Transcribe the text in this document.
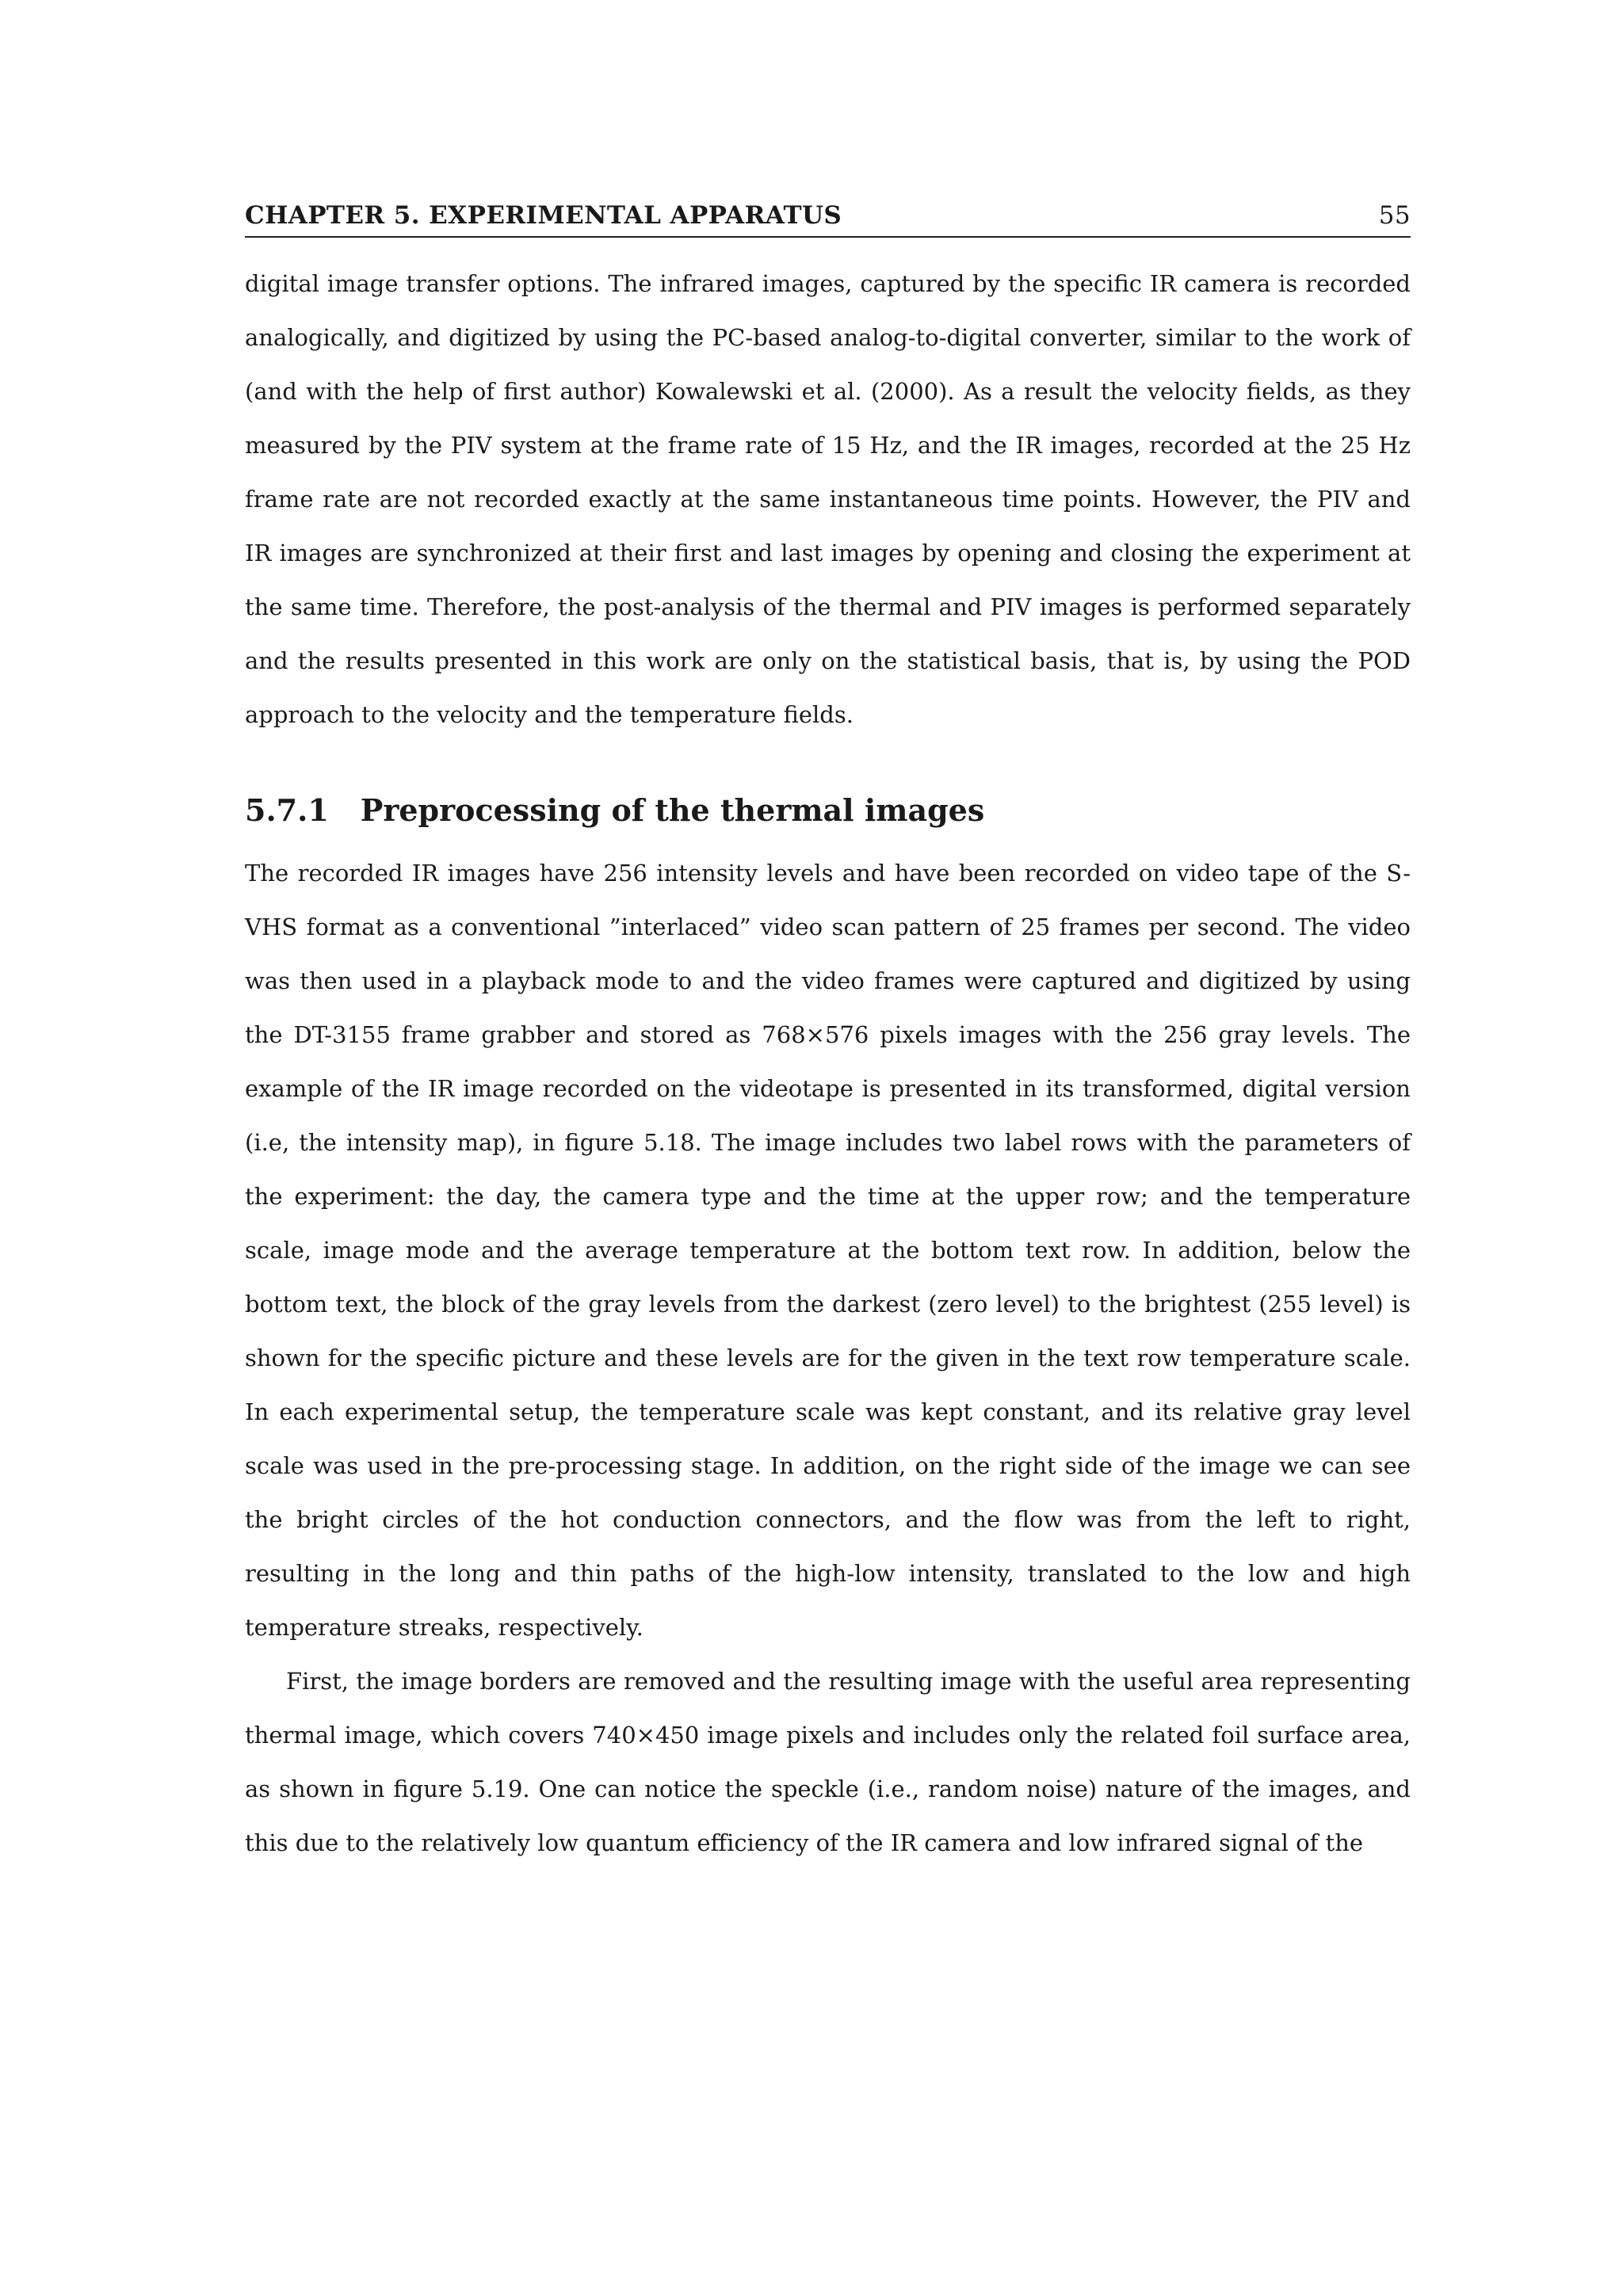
CHAPTER 5. EXPERIMENTAL APPARATUS	55

digital image transfer options. The infrared images, captured by the specific IR camera is recorded analogically, and digitized by using the PC-based analog-to-digital converter, similar to the work of (and with the help of first author) Kowalewski et al. (2000). As a result the velocity fields, as they measured by the PIV system at the frame rate of 15 Hz, and the IR images, recorded at the 25 Hz frame rate are not recorded exactly at the same instantaneous time points. However, the PIV and IR images are synchronized at their first and last images by opening and closing the experiment at the same time. Therefore, the post-analysis of the thermal and PIV images is performed separately and the results presented in this work are only on the statistical basis, that is, by using the POD approach to the velocity and the temperature fields.

5.7.1 Preprocessing of the thermal images

The recorded IR images have 256 intensity levels and have been recorded on video tape of the S-VHS format as a conventional ”interlaced” video scan pattern of 25 frames per second. The video was then used in a playback mode to and the video frames were captured and digitized by using the DT-3155 frame grabber and stored as 768×576 pixels images with the 256 gray levels. The example of the IR image recorded on the videotape is presented in its transformed, digital version (i.e, the intensity map), in figure 5.18. The image includes two label rows with the parameters of the experiment: the day, the camera type and the time at the upper row; and the temperature scale, image mode and the average temperature at the bottom text row. In addition, below the bottom text, the block of the gray levels from the darkest (zero level) to the brightest (255 level) is shown for the specific picture and these levels are for the given in the text row temperature scale. In each experimental setup, the temperature scale was kept constant, and its relative gray level scale was used in the pre-processing stage. In addition, on the right side of the image we can see the bright circles of the hot conduction connectors, and the flow was from the left to right, resulting in the long and thin paths of the high-low intensity, translated to the low and high temperature streaks, respectively.

First, the image borders are removed and the resulting image with the useful area representing thermal image, which covers 740×450 image pixels and includes only the related foil surface area, as shown in figure 5.19. One can notice the speckle (i.e., random noise) nature of the images, and this due to the relatively low quantum efficiency of the IR camera and low infrared signal of the
